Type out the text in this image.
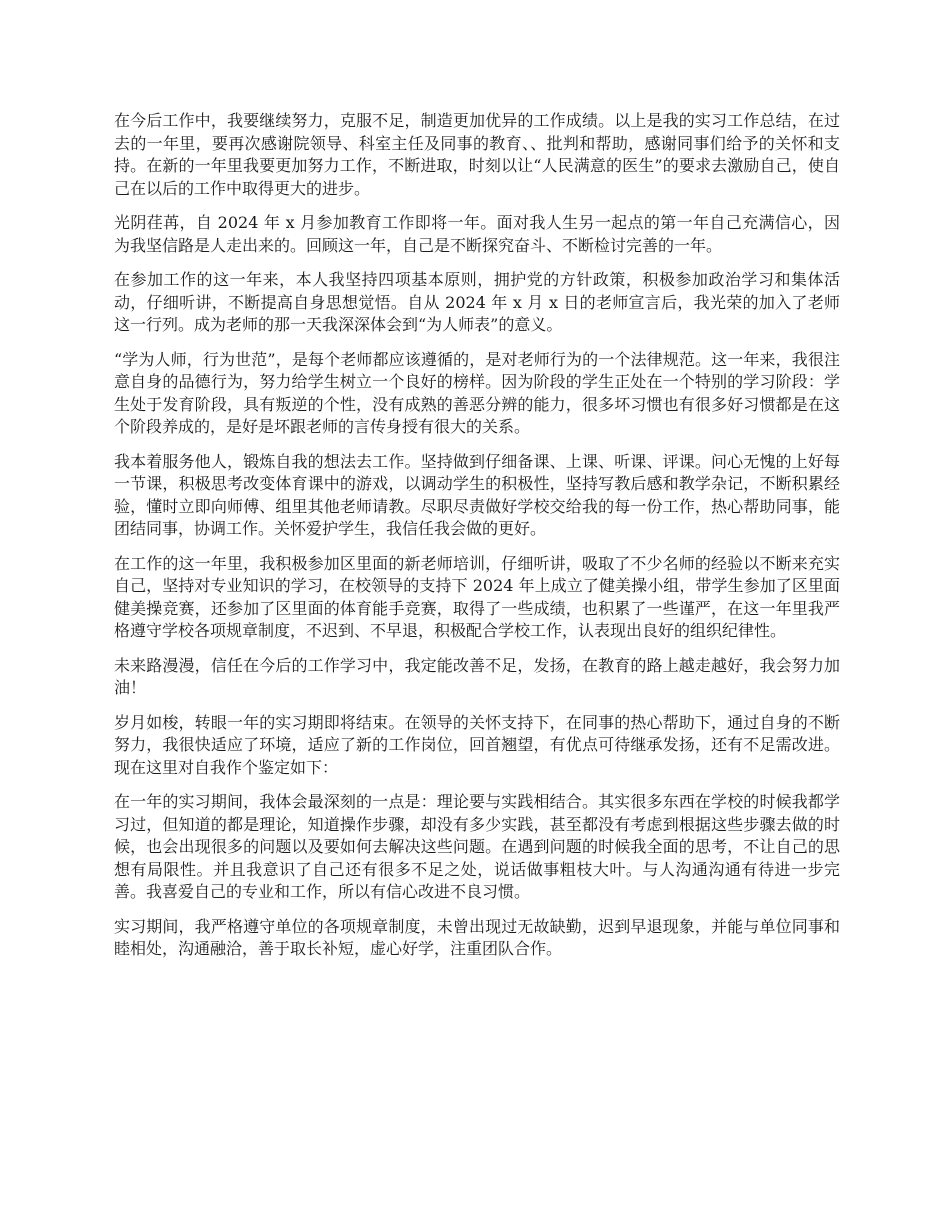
在今后工作中，我要继续努力，克服不足，制造更加优异的工作成绩。以上是我的实习工作总结，在过去的一年里，要再次感谢院领导、科室主任及同事的教育、、批判和帮助，感谢同事们给予的关怀和支持。在新的一年里我要更加努力工作，不断进取，时刻以让“人民满意的医生”的要求去激励自己，使自己在以后的工作中取得更大的进步。

光阴荏苒，自 2024 年 x 月参加教育工作即将一年。面对我人生另一起点的第一年自己充满信心，因为我坚信路是人走出来的。回顾这一年，自己是不断探究奋斗、不断检讨完善的一年。

在参加工作的这一年来，本人我坚持四项基本原则，拥护党的方针政策，积极参加政治学习和集体活动，仔细听讲，不断提高自身思想觉悟。自从 2024 年 x 月 x 日的老师宣言后，我光荣的加入了老师这一行列。成为老师的那一天我深深体会到“为人师表”的意义。

“学为人师，行为世范”，是每个老师都应该遵循的，是对老师行为的一个法律规范。这一年来，我很注意自身的品德行为，努力给学生树立一个良好的榜样。因为阶段的学生正处在一个特别的学习阶段：学生处于发育阶段，具有叛逆的个性，没有成熟的善恶分辨的能力，很多坏习惯也有很多好习惯都是在这个阶段养成的，是好是坏跟老师的言传身授有很大的关系。

我本着服务他人，锻炼自我的想法去工作。坚持做到仔细备课、上课、听课、评课。问心无愧的上好每一节课，积极思考改变体育课中的游戏，以调动学生的积极性，坚持写教后感和教学杂记，不断积累经验，懂时立即向师傅、组里其他老师请教。尽职尽责做好学校交给我的每一份工作，热心帮助同事，能团结同事，协调工作。关怀爱护学生，我信任我会做的更好。

在工作的这一年里，我积极参加区里面的新老师培训，仔细听讲，吸取了不少名师的经验以不断来充实自己，坚持对专业知识的学习，在校领导的支持下 2024 年上成立了健美操小组，带学生参加了区里面健美操竞赛，还参加了区里面的体育能手竞赛，取得了一些成绩，也积累了一些谨严，在这一年里我严格遵守学校各项规章制度，不迟到、不早退，积极配合学校工作，认表现出良好的组织纪律性。

未来路漫漫，信任在今后的工作学习中，我定能改善不足，发扬，在教育的路上越走越好，我会努力加油！

岁月如梭，转眼一年的实习期即将结束。在领导的关怀支持下，在同事的热心帮助下，通过自身的不断努力，我很快适应了环境，适应了新的工作岗位，回首翘望，有优点可待继承发扬，还有不足需改进。现在这里对自我作个鉴定如下：

在一年的实习期间，我体会最深刻的一点是：理论要与实践相结合。其实很多东西在学校的时候我都学习过，但知道的都是理论，知道操作步骤，却没有多少实践，甚至都没有考虑到根据这些步骤去做的时候，也会出现很多的问题以及要如何去解决这些问题。在遇到问题的时候我全面的思考，不让自己的思想有局限性。并且我意识了自己还有很多不足之处，说话做事粗枝大叶。与人沟通沟通有待进一步完善。我喜爱自己的专业和工作，所以有信心改进不良习惯。

实习期间，我严格遵守单位的各项规章制度，未曾出现过无故缺勤，迟到早退现象，并能与单位同事和睦相处，沟通融洽，善于取长补短，虚心好学，注重团队合作。
